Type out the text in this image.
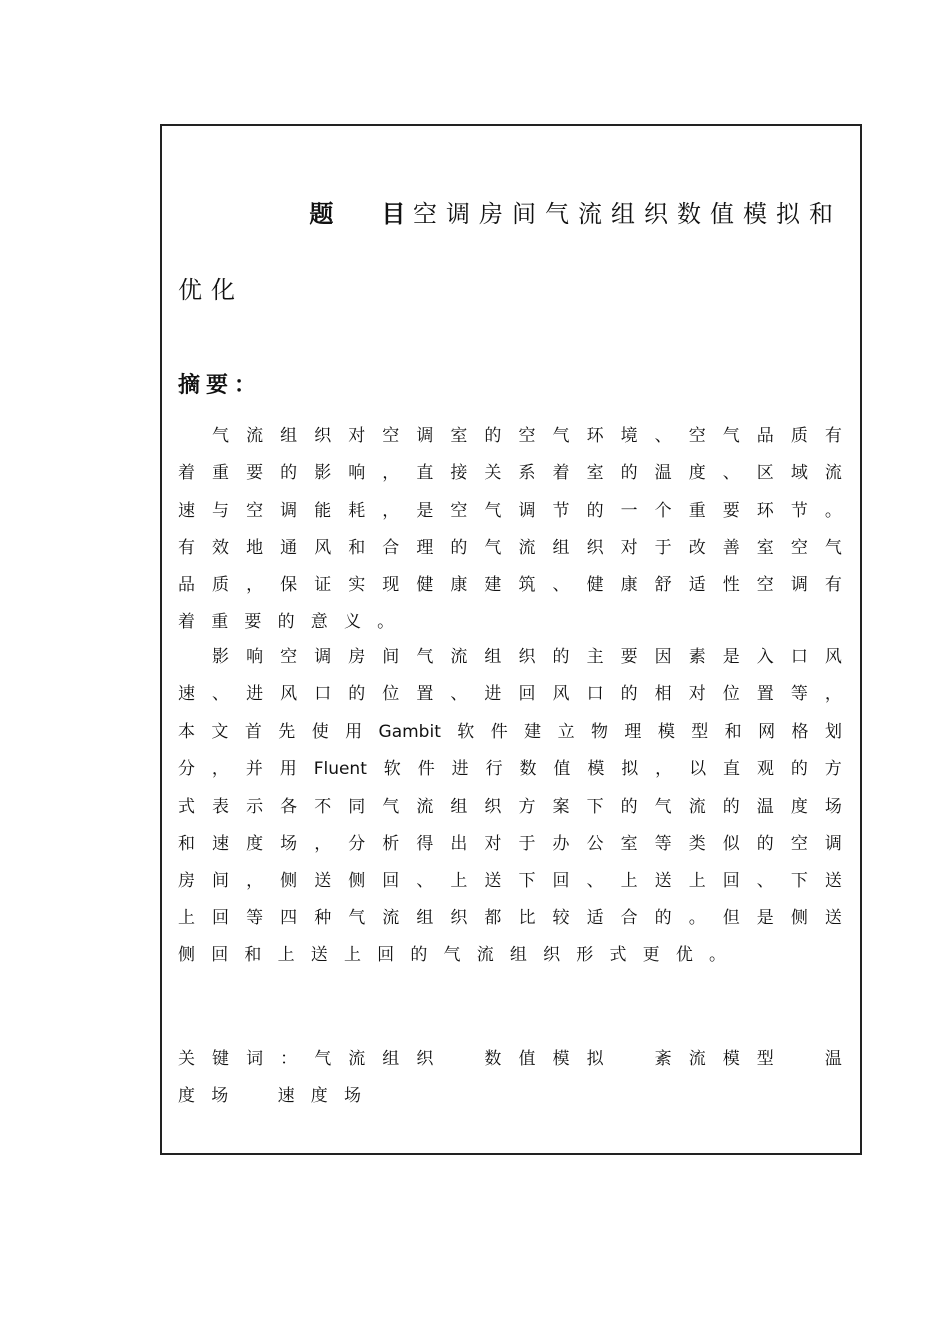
题　　目 空调房间气流组织数值模拟和
优化
摘要：

气 流 组 织 对 空 调 室 的 空 气 环 境 、 空 气 品 质 有
着 重 要 的 影 响 ， 直 接 关 系 着 室 的 温 度 、 区 域 流
速 与 空 调 能 耗 ， 是 空 气 调 节 的 一 个 重 要 环 节 。
有 效 地 通 风 和 合 理 的 气 流 组 织 对 于 改 善 室 空 气
品 质 ， 保 证 实 现 健 康 建 筑 、 健 康 舒 适 性 空 调 有
着 重 要 的 意 义 。

影 响 空 调 房 间 气 流 组 织 的 主 要 因 素 是 入 口 风
速 、 进 风 口 的 位 置 、 进 回 风 口 的 相 对 位 置 等 ，
本 文 首 先 使 用 Gambit 软 件 建 立 物 理 模 型 和 网 格 划
分 ， 并 用 Fluent 软 件 进 行 数 值 模 拟 ， 以 直 观 的 方
式 表 示 各 不 同 气 流 组 织 方 案 下 的 气 流 的 温 度 场
和 速 度 场 ， 分 析 得 出 对 于 办 公 室 等 类 似 的 空 调
房 间 ， 侧 送 侧 回 、 上 送 下 回 、 上 送 上 回 、 下 送
上 回 等 四 种 气 流 组 织 都 比 较 适 合 的 。 但 是 侧 送
侧 回 和 上 送 上 回 的 气 流 组 织 形 式 更 优 。
关 键 词 ： 气 流 组 织
　	数 值 模 拟
　	紊 流 模 型
　	温
度 场
　	速 度 场
